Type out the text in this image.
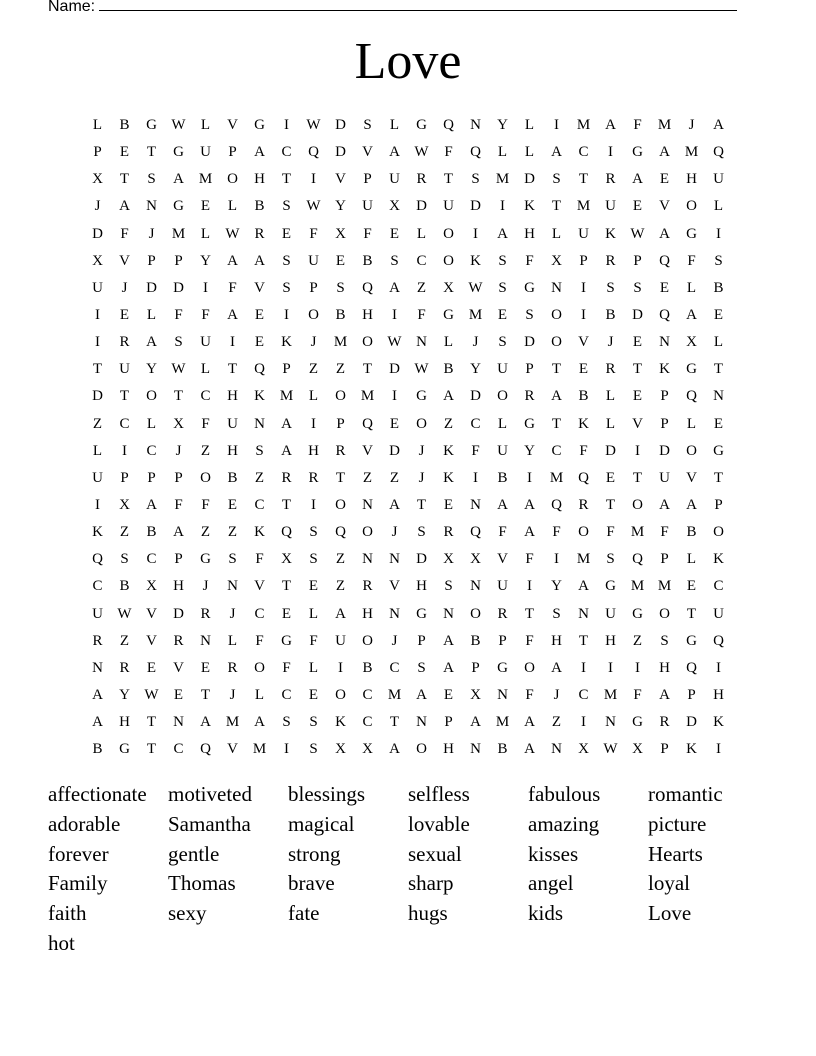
Name:
Love
L	B	G W	L	V	G	I	W D	S	L	G	Q	N	Y	L	I	M A	F	M	J	A
P	E	T	G	U	P	A	C	Q	D	V	A W	F	Q	L	L	A	C	I	G	A M Q
X	T	S	A M O	H	T	I	V	P	U	R	T	S	M D	S	T	R	A	E	H	U
J	A	N	G	E	L	B	S	W Y	U	X	D	U	D	I	K	T	M U	E	V	O	L
D	F	J	M	L	W R	E	F	X	F	E	L	O	I	A	H	L	U	K W A	G	I
X	V	P	P	Y	A	A	S	U	E	B	S	C	O	K	S	F	X	P	R	P	Q	F	S
U	J	D	D	I	F	V	S	P	S	Q	A	Z	X W	S	G	N	I	S	S	E	L	B
I	E	L	F	F	A	E	I	O	B	H	I	F	G M	E	S	O	I	B	D	Q	A	E
I	R	A	S	U	I	E	K	J	M O W N	L	J	S	D	O	V	J	E	N	X	L
T	U	Y W	L	T	Q	P	Z	Z	T	D W B	Y	U	P	T	E	R	T	K	G	T
D	T	O	T	C	H	K M	L	O M	I	G	A	D	O	R	A	B	L	E	P	Q	N
Z	C	L	X	F	U	N	A	I	P	Q	E	O	Z	C	L	G	T	K	L	V	P	L	E
L	I	C	J	Z	H	S	A	H	R	V	D	J	K	F	U	Y	C	F	D	I	D	O	G
U	P	P	P	O	B	Z	R	R	T	Z	Z	J	K	I	B	I	M Q	E	T	U	V	T
I	X	A	F	F	E	C	T	I	O	N	A	T	E	N	A	A	Q	R	T	O	A	A	P
K	Z	B	A	Z	Z	K	Q	S	Q	O	J	S	R	Q	F	A	F	O	F	M	F	B	O
Q	S	C	P	G	S	F	X	S	Z	N	N	D	X	X	V	F	I	M	S	Q	P	L	K
C	B	X	H	J	N	V	T	E	Z	R	V	H	S	N	U	I	Y	A	G M M	E	C
U W V	D	R	J	C	E	L	A	H	N	G	N	O	R	T	S	N	U	G	O	T	U
R	Z	V	R	N	L	F	G	F	U	O	J	P	A	B	P	F	H	T	H	Z	S	G	Q
N	R	E	V	E	R	O	F	L	I	B	C	S	A	P	G	O	A	I	I	I	H	Q	I
A	Y W	E	T	J	L	C	E	O	C	M A	E	X	N	F	J	C	M	F	A	P	H
A	H	T	N	A M A	S	S	K	C	T	N	P	A M A	Z	I	N	G	R	D	K
B	G	T	C	Q	V M	I	S	X	X	A	O	H	N	B	A	N	X W X	P	K	I
affectionate	motiveted	blessings	selfless	fabulous	romantic
adorable	Samantha	magical	lovable	amazing	picture
forever	gentle	strong	sexual	kisses	Hearts
Family	Thomas	brave	sharp	angel	loyal
faith	sexy	fate	hugs	kids	Love
hot
